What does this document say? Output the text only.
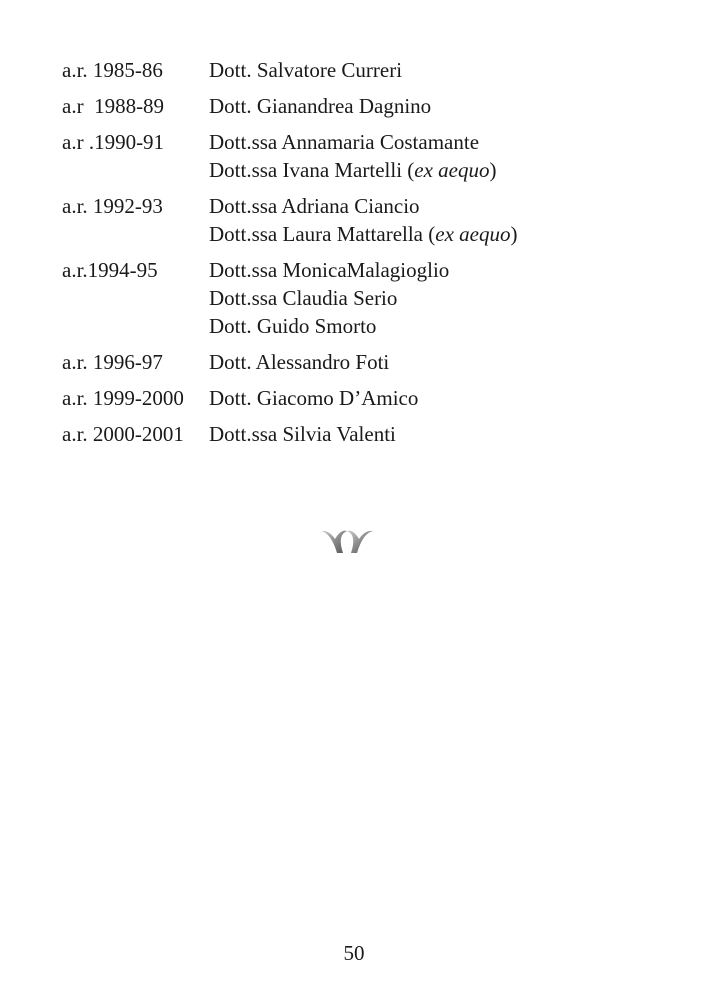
a.r. 1985-86	Dott. Salvatore Curreri
a.r  1988-89	Dott. Gianandrea Dagnino
a.r .1990-91	Dott.ssa Annamaria Costamante
Dott.ssa Ivana Martelli (ex aequo)
a.r. 1992-93	Dott.ssa Adriana Ciancio
Dott.ssa Laura Mattarella (ex aequo)
a.r.1994-95	Dott.ssa MonicaMalagioglio
Dott.ssa Claudia Serio
Dott. Guido Smorto
a.r. 1996-97	Dott. Alessandro Foti
a.r. 1999-2000	Dott. Giacomo D’Amico
a.r. 2000-2001	Dott.ssa Silvia Valenti
50
